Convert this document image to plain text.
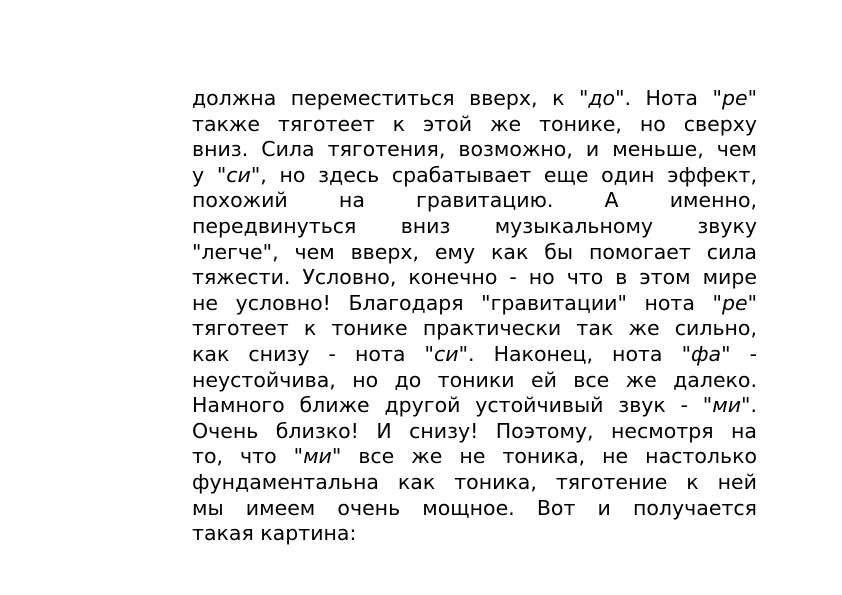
должна переместиться вверх, к "до". Нота "ре"
также тяготеет к этой же тонике, но сверху
вниз. Сила тяготения, возможно, и меньше, чем
у "си", но здесь срабатывает еще один эффект,
похожий на гравитацию. А именно,
передвинуться вниз музыкальному звуку
"легче", чем вверх, ему как бы помогает сила
тяжести. Условно, конечно - но что в этом мире
не условно! Благодаря "гравитации" нота "ре"
тяготеет к тонике практически так же сильно,
как снизу - нота "си". Наконец, нота "фа" -
неустойчива, но до тоники ей все же далеко.
Намного ближе другой устойчивый звук - "ми".
Очень близко! И снизу! Поэтому, несмотря на
то, что "ми" все же не тоника, не настолько
фундаментальна как тоника, тяготение к ней
мы имеем очень мощное. Вот и получается
такая картина:
